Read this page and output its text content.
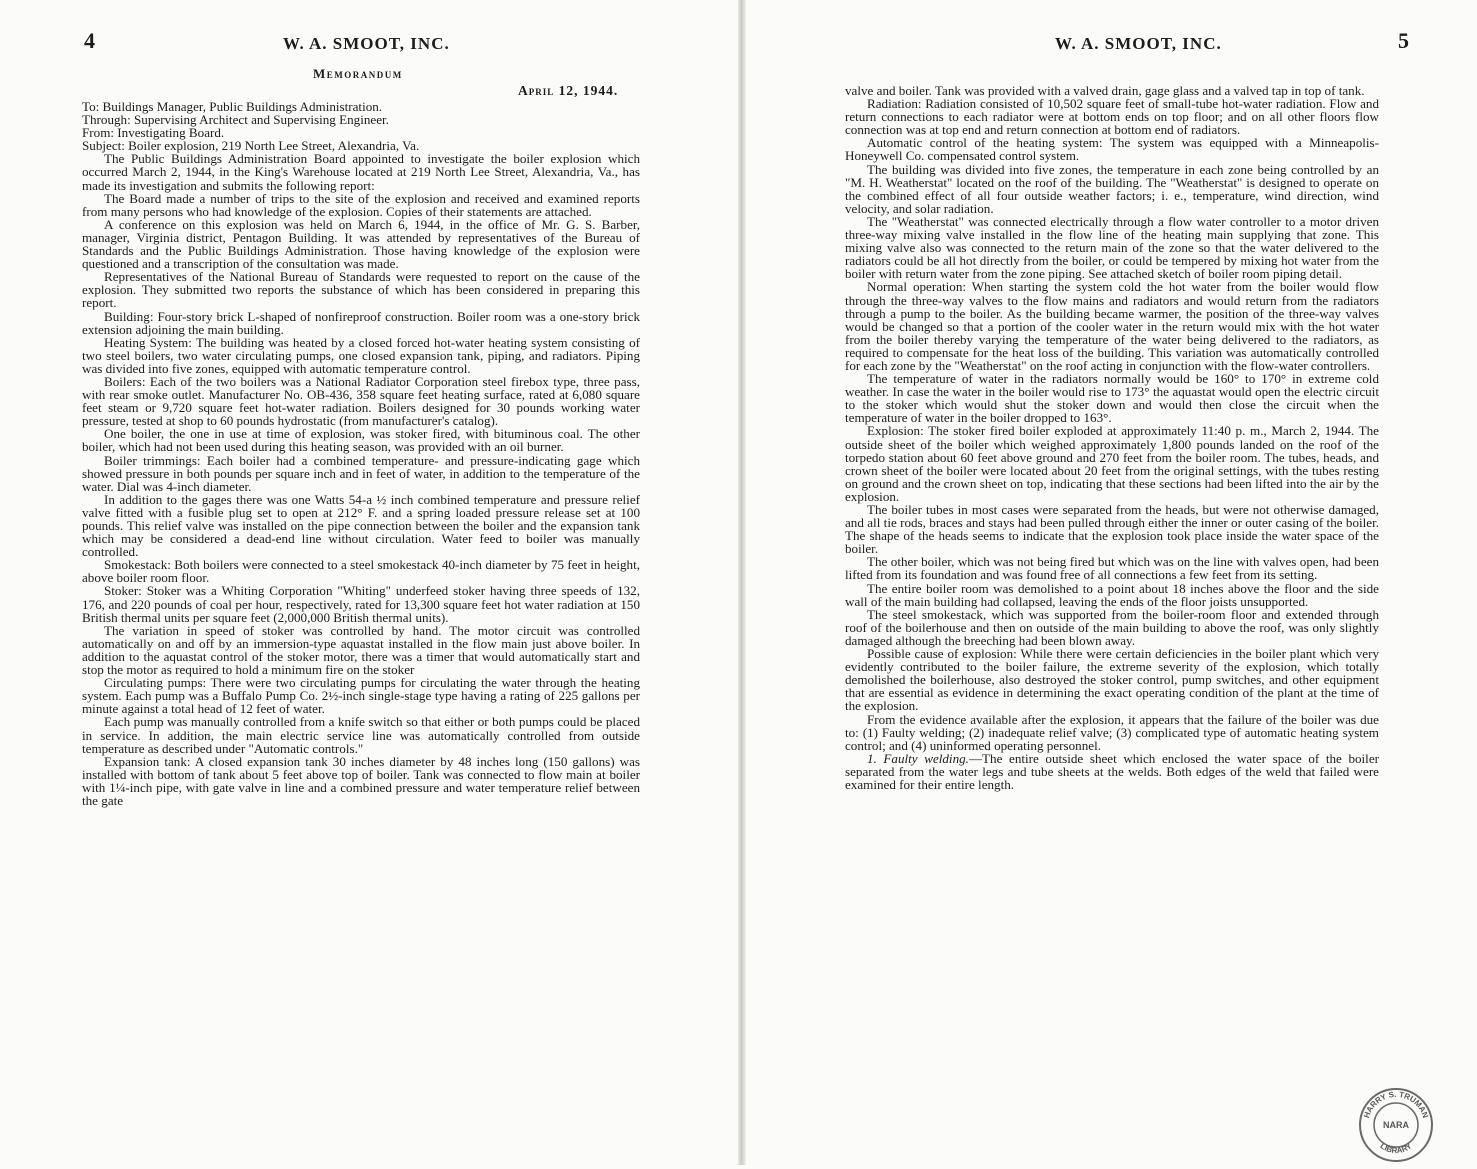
4	W. A. SMOOT, INC.
Memorandum
April 12, 1944.

To: Buildings Manager, Public Buildings Administration.

Through: Supervising Architect and Supervising Engineer.

From: Investigating Board.

Subject: Boiler explosion, 219 North Lee Street, Alexandria, Va.

The Public Buildings Administration Board appointed to investigate the boiler explosion which occurred March 2, 1944, in the King's Warehouse located at 219 North Lee Street, Alexandria, Va., has made its investigation and submits the following report:

The Board made a number of trips to the site of the explosion and received and examined reports from many persons who had knowledge of the explosion. Copies of their statements are attached.

A conference on this explosion was held on March 6, 1944, in the office of Mr. G. S. Barber, manager, Virginia district, Pentagon Building. It was attended by representatives of the Bureau of Standards and the Public Buildings Administration. Those having knowledge of the explosion were questioned and a transcription of the consultation was made.

Representatives of the National Bureau of Standards were requested to report on the cause of the explosion. They submitted two reports the substance of which has been considered in preparing this report.

Building: Four-story brick L-shaped of nonfireproof construction. Boiler room was a one-story brick extension adjoining the main building.

Heating System: The building was heated by a closed forced hot-water heating system consisting of two steel boilers, two water circulating pumps, one closed expansion tank, piping, and radiators. Piping was divided into five zones, equipped with automatic temperature control.

Boilers: Each of the two boilers was a National Radiator Corporation steel firebox type, three pass, with rear smoke outlet. Manufacturer No. OB-436, 358 square feet heating surface, rated at 6,080 square feet steam or 9,720 square feet hot-water radiation. Boilers designed for 30 pounds working water pressure, tested at shop to 60 pounds hydrostatic (from manufacturer's catalog).

One boiler, the one in use at time of explosion, was stoker fired, with bituminous coal. The other boiler, which had not been used during this heating season, was provided with an oil burner.

Boiler trimmings: Each boiler had a combined temperature- and pressure-indicating gage which showed pressure in both pounds per square inch and in feet of water, in addition to the temperature of the water. Dial was 4-inch diameter.

In addition to the gages there was one Watts 54-a ½ inch combined temperature and pressure relief valve fitted with a fusible plug set to open at 212° F. and a spring loaded pressure release set at 100 pounds. This relief valve was installed on the pipe connection between the boiler and the expansion tank which may be considered a dead-end line without circulation. Water feed to boiler was manually controlled.

Smokestack: Both boilers were connected to a steel smokestack 40-inch diameter by 75 feet in height, above boiler room floor.

Stoker: Stoker was a Whiting Corporation "Whiting" underfeed stoker having three speeds of 132, 176, and 220 pounds of coal per hour, respectively, rated for 13,300 square feet hot water radiation at 150 British thermal units per square feet (2,000,000 British thermal units).

The variation in speed of stoker was controlled by hand. The motor circuit was controlled automatically on and off by an immersion-type aquastat installed in the flow main just above boiler. In addition to the aquastat control of the stoker motor, there was a timer that would automatically start and stop the motor as required to hold a minimum fire on the stoker

Circulating pumps: There were two circulating pumps for circulating the water through the heating system. Each pump was a Buffalo Pump Co. 2½-inch single-stage type having a rating of 225 gallons per minute against a total head of 12 feet of water.

Each pump was manually controlled from a knife switch so that either or both pumps could be placed in service. In addition, the main electric service line was automatically controlled from outside temperature as described under "Automatic controls."

Expansion tank: A closed expansion tank 30 inches diameter by 48 inches long (150 gallons) was installed with bottom of tank about 5 feet above top of boiler. Tank was connected to flow main at boiler with 1¼-inch pipe, with gate valve in line and a combined pressure and water temperature relief between the gate

W. A. SMOOT, INC.	5

valve and boiler. Tank was provided with a valved drain, gage glass and a valved tap in top of tank.

Radiation: Radiation consisted of 10,502 square feet of small-tube hot-water radiation. Flow and return connections to each radiator were at bottom ends on top floor; and on all other floors flow connection was at top end and return connection at bottom end of radiators.

Automatic control of the heating system: The system was equipped with a Minneapolis-Honeywell Co. compensated control system.

The building was divided into five zones, the temperature in each zone being controlled by an "M. H. Weatherstat" located on the roof of the building. The "Weatherstat" is designed to operate on the combined effect of all four outside weather factors; i. e., temperature, wind direction, wind velocity, and solar radiation.

The "Weatherstat" was connected electrically through a flow water controller to a motor driven three-way mixing valve installed in the flow line of the heating main supplying that zone. This mixing valve also was connected to the return main of the zone so that the water delivered to the radiators could be all hot directly from the boiler, or could be tempered by mixing hot water from the boiler with return water from the zone piping. See attached sketch of boiler room piping detail.

Normal operation: When starting the system cold the hot water from the boiler would flow through the three-way valves to the flow mains and radiators and would return from the radiators through a pump to the boiler. As the building became warmer, the position of the three-way valves would be changed so that a portion of the cooler water in the return would mix with the hot water from the boiler thereby varying the temperature of the water being delivered to the radiators, as required to compensate for the heat loss of the building. This variation was automatically controlled for each zone by the "Weatherstat" on the roof acting in conjunction with the flow-water controllers.

The temperature of water in the radiators normally would be 160° to 170° in extreme cold weather. In case the water in the boiler would rise to 173° the aquastat would open the electric circuit to the stoker which would shut the stoker down and would then close the circuit when the temperature of water in the boiler dropped to 163°.

Explosion: The stoker fired boiler exploded at approximately 11:40 p. m., March 2, 1944. The outside sheet of the boiler which weighed approximately 1,800 pounds landed on the roof of the torpedo station about 60 feet above ground and 270 feet from the boiler room. The tubes, heads, and crown sheet of the boiler were located about 20 feet from the original settings, with the tubes resting on ground and the crown sheet on top, indicating that these sections had been lifted into the air by the explosion.

The boiler tubes in most cases were separated from the heads, but were not otherwise damaged, and all tie rods, braces and stays had been pulled through either the inner or outer casing of the boiler. The shape of the heads seems to indicate that the explosion took place inside the water space of the boiler.

The other boiler, which was not being fired but which was on the line with valves open, had been lifted from its foundation and was found free of all connections a few feet from its setting.

The entire boiler room was demolished to a point about 18 inches above the floor and the side wall of the main building had collapsed, leaving the ends of the floor joists unsupported.

The steel smokestack, which was supported from the boiler-room floor and extended through roof of the boilerhouse and then on outside of the main building to above the roof, was only slightly damaged although the breeching had been blown away.

Possible cause of explosion: While there were certain deficiencies in the boiler plant which very evidently contributed to the boiler failure, the extreme severity of the explosion, which totally demolished the boilerhouse, also destroyed the stoker control, pump switches, and other equipment that are essential as evidence in determining the exact operating condition of the plant at the time of the explosion.

From the evidence available after the explosion, it appears that the failure of the boiler was due to: (1) Faulty welding; (2) inadequate relief valve; (3) complicated type of automatic heating system control; and (4) uninformed operating personnel.

1. Faulty welding.—The entire outside sheet which enclosed the water space of the boiler separated from the water legs and tube sheets at the welds. Both edges of the weld that failed were examined for their entire length.

HARRY S. TRUMAN
LIBRARY
NARA
